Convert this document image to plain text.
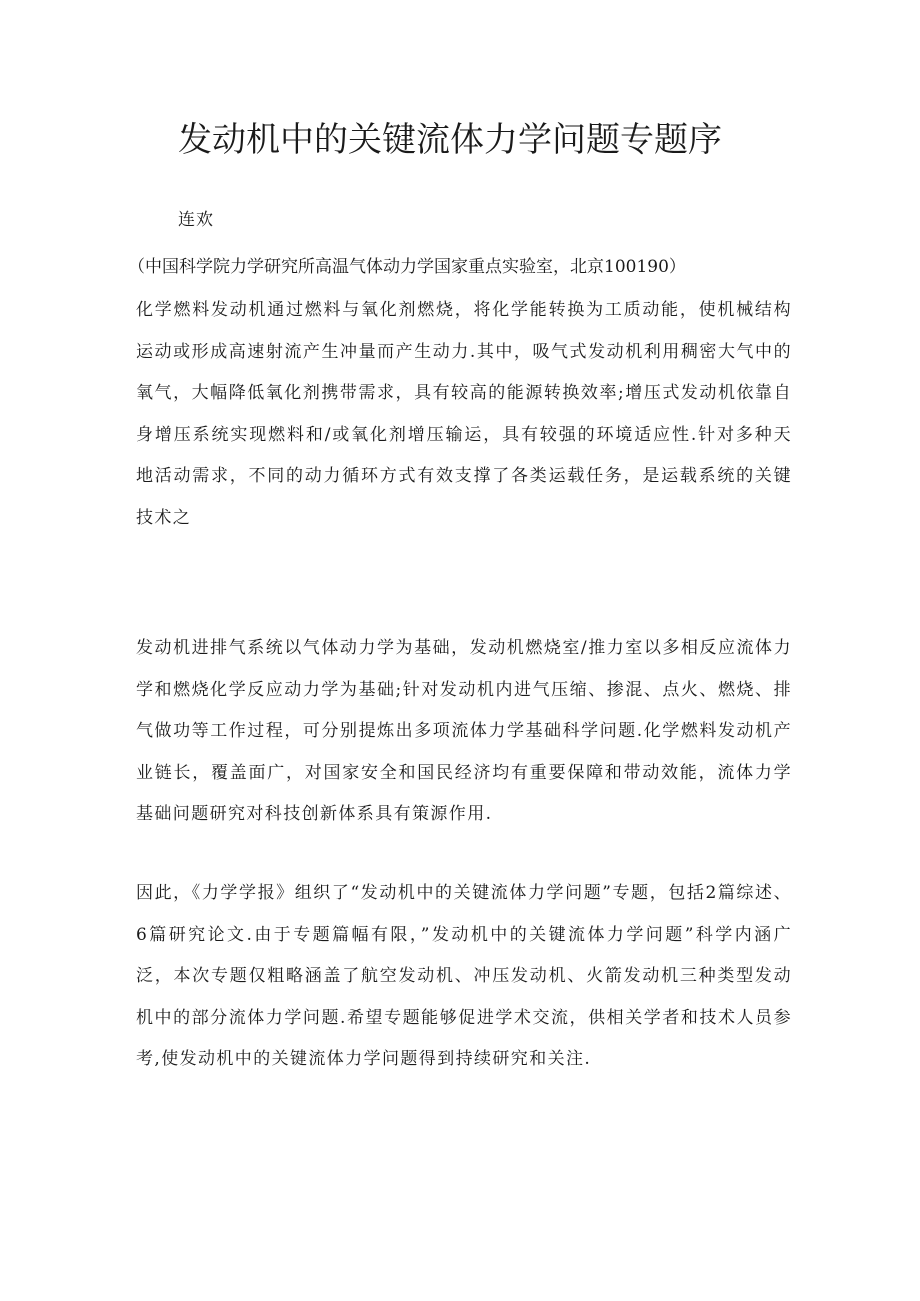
发动机中的关键流体力学问题专题序

连欢

（中国科学院力学研究所高温气体动力学国家重点实验室，北京100190）

化学燃料发动机通过燃料与氧化剂燃烧，将化学能转换为工质动能，使机械结构运动或形成高速射流产生冲量而产生动力.其中，吸气式发动机利用稠密大气中的氧气，大幅降低氧化剂携带需求，具有较高的能源转换效率;增压式发动机依靠自身增压系统实现燃料和/或氧化剂增压输运，具有较强的环境适应性.针对多种天地活动需求，不同的动力循环方式有效支撑了各类运载任务，是运载系统的关键技术之

发动机进排气系统以气体动力学为基础，发动机燃烧室/推力室以多相反应流体力学和燃烧化学反应动力学为基础;针对发动机内进气压缩、掺混、点火、燃烧、排气做功等工作过程，可分别提炼出多项流体力学基础科学问题.化学燃料发动机产业链长，覆盖面广，对国家安全和国民经济均有重要保障和带动效能，流体力学基础问题研究对科技创新体系具有策源作用.

因此，《力学学报》组织了“发动机中的关键流体力学问题”专题，包括2篇综述、6篇研究论文.由于专题篇幅有限，”发动机中的关键流体力学问题”科学内涵广泛，本次专题仅粗略涵盖了航空发动机、冲压发动机、火箭发动机三种类型发动机中的部分流体力学问题.希望专题能够促进学术交流，供相关学者和技术人员参考,使发动机中的关键流体力学问题得到持续研究和关注.
